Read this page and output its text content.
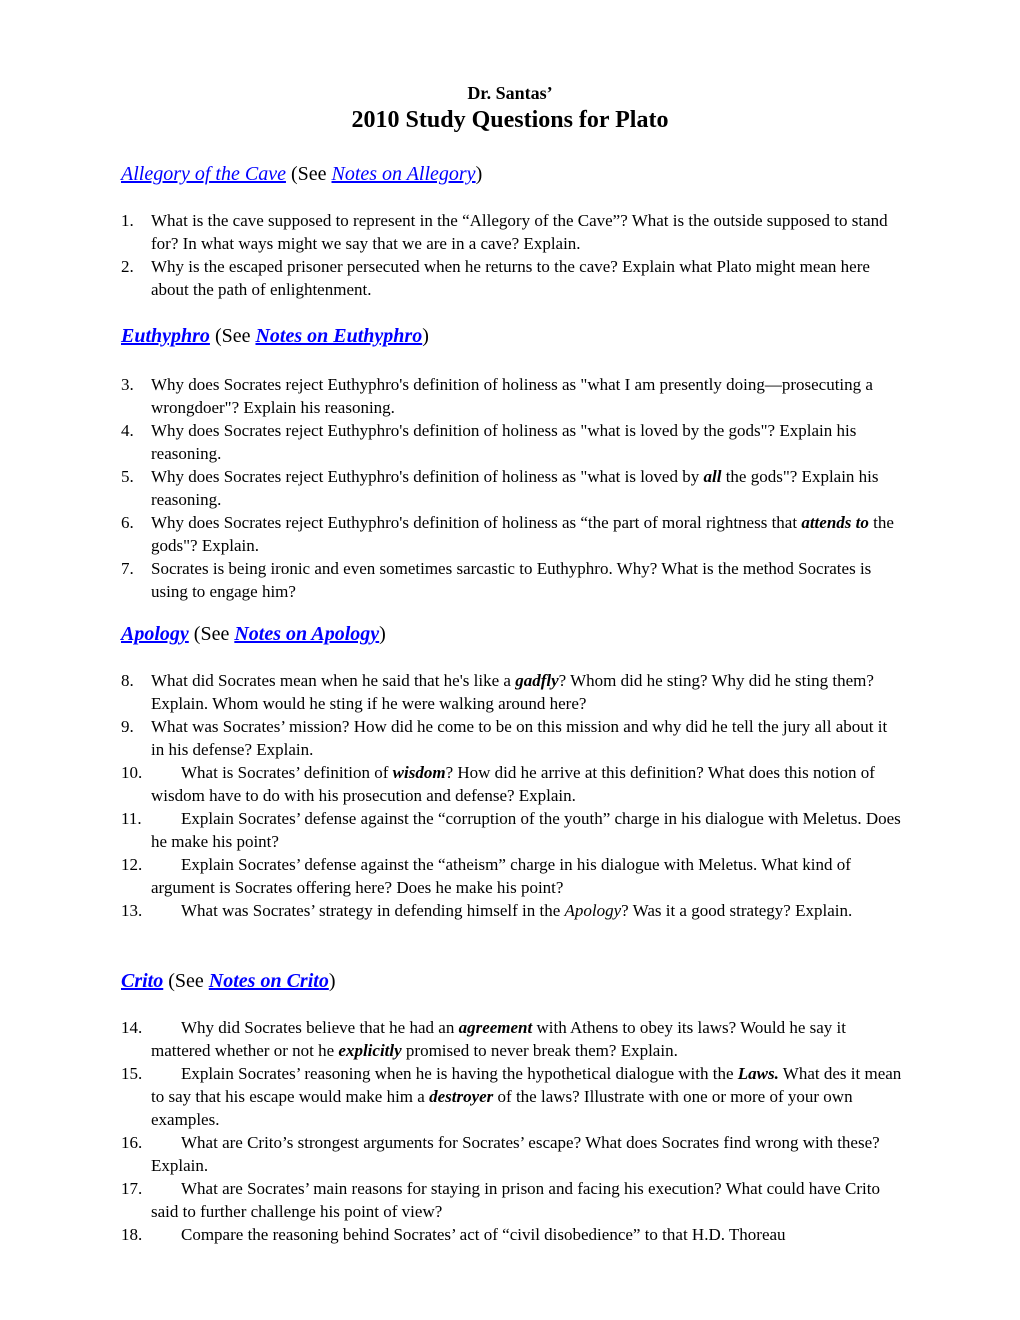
Dr. Santas’
2010 Study Questions for Plato

Allegory of the Cave (See Notes on Allegory)

1. What is the cave supposed to represent in the “Allegory of the Cave”? What is the outside supposed to stand for? In what ways might we say that we are in a cave? Explain.
2. Why is the escaped prisoner persecuted when he returns to the cave? Explain what Plato might mean here about the path of enlightenment.

Euthyphro (See Notes on Euthyphro)

3. Why does Socrates reject Euthyphro's definition of holiness as "what I am presently doing—prosecuting a wrongdoer"? Explain his reasoning.
4. Why does Socrates reject Euthyphro's definition of holiness as "what is loved by the gods"? Explain his reasoning.
5. Why does Socrates reject Euthyphro's definition of holiness as "what is loved by all the gods"? Explain his reasoning.
6. Why does Socrates reject Euthyphro's definition of holiness as “the part of moral rightness that attends to the gods"? Explain.
7. Socrates is being ironic and even sometimes sarcastic to Euthyphro. Why? What is the method Socrates is using to engage him?

Apology (See Notes on Apology)

8. What did Socrates mean when he said that he's like a gadfly? Whom did he sting? Why did he sting them? Explain. Whom would he sting if he were walking around here?
9. What was Socrates’ mission? How did he come to be on this mission and why did he tell the jury all about it in his defense? Explain.
10. What is Socrates’ definition of wisdom? How did he arrive at this definition? What does this notion of wisdom have to do with his prosecution and defense? Explain.
11. Explain Socrates’ defense against the “corruption of the youth” charge in his dialogue with Meletus. Does he make his point?
12. Explain Socrates’ defense against the “atheism” charge in his dialogue with Meletus. What kind of argument is Socrates offering here? Does he make his point?
13. What was Socrates’ strategy in defending himself in the Apology? Was it a good strategy? Explain.

Crito (See Notes on Crito)

14. Why did Socrates believe that he had an agreement with Athens to obey its laws? Would he say it mattered whether or not he explicitly promised to never break them? Explain.
15. Explain Socrates’ reasoning when he is having the hypothetical dialogue with the Laws. What des it mean to say that his escape would make him a destroyer of the laws? Illustrate with one or more of your own examples.
16. What are Crito’s strongest arguments for Socrates’ escape? What does Socrates find wrong with these? Explain.
17. What are Socrates’ main reasons for staying in prison and facing his execution? What could have Crito said to further challenge his point of view?
18. Compare the reasoning behind Socrates’ act of “civil disobedience” to that H.D. Thoreau
